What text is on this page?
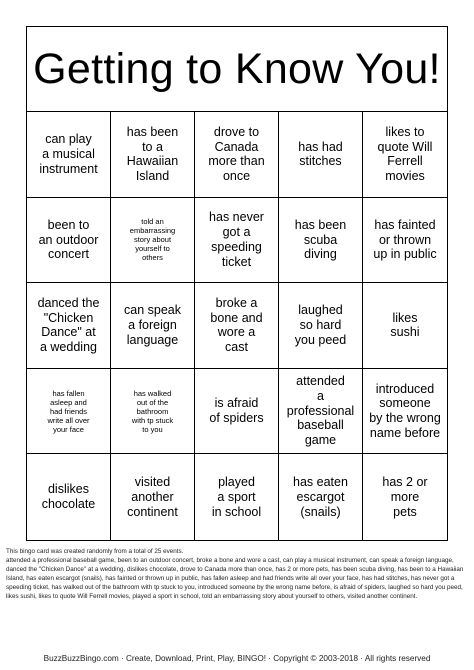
Getting to Know You!
can play
a musical
instrument
has been
to a
Hawaiian
Island
drove to
Canada
more than
once
has had
stitches
likes to
quote Will
Ferrell
movies
been to
an outdoor
concert
told an
embarrassing
story about
yourself to
others
has never
got a
speeding
ticket
has been
scuba
diving
has fainted
or thrown
up in public
danced the
"Chicken
Dance" at
a wedding
can speak
a foreign
language
broke a
bone and
wore a
cast
laughed
so hard
you peed
likes
sushi
has fallen
asleep and
had friends
write all over
your face
has walked
out of the
bathroom
with tp stuck
to you
is afraid
of spiders
attended
a professional
baseball
game
introduced
someone
by the wrong
name before
dislikes
chocolate
visited
another
continent
played
a sport
in school
has eaten
escargot
(snails)
has 2 or
more
pets

This bingo card was created randomly from a total of 25 events.

attended a professional baseball game, been to an outdoor concert, broke a bone and wore a cast, can play a musical instrument, can speak a foreign language, danced the "Chicken Dance" at a wedding, dislikes chocolate, drove to Canada more than once, has 2 or more pets, has been scuba diving, has been to a Hawaiian Island, has eaten escargot (snails), has fainted or thrown up in public, has fallen asleep and had friends write all over your face, has had stitches, has never got a speeding ticket, has walked out of the bathroom with tp stuck to you, introduced someone by the wrong name before, is afraid of spiders, laughed so hard you peed, likes sushi, likes to quote Will Ferrell movies, played a sport in school, told an embarrassing story about yourself to others, visited another continent.

BuzzBuzzBingo.com · Create, Download, Print, Play, BINGO! · Copyright © 2003-2018 · All rights reserved
